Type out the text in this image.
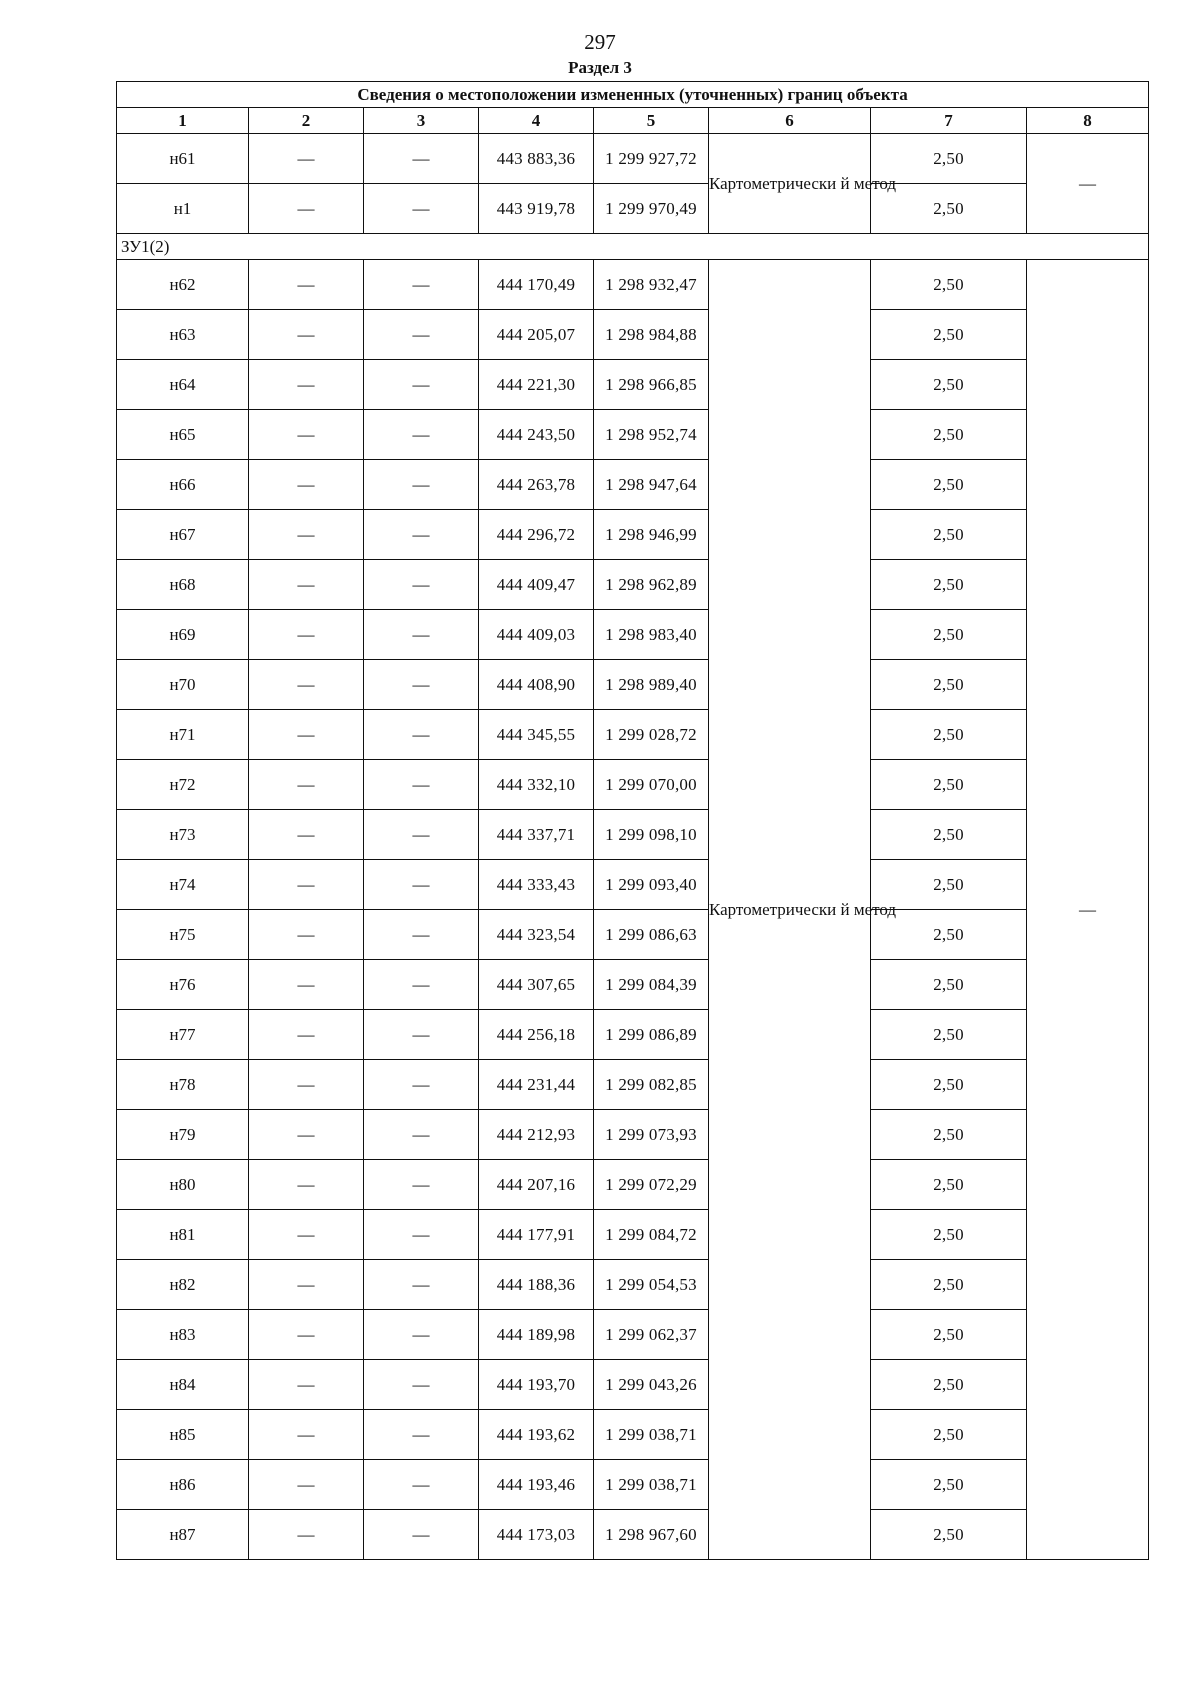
297
Раздел 3
Сведения о местоположении измененных (уточненных) границ объекта							
1	2	3	4	5	6	7	8
н61	—	—	443 883,36	1 299 927,72	Картометрически й метод	2,50	—
н1	—	—	443 919,78	1 299 970,49		2,50	
ЗУ1(2)							
н62	—	—	444 170,49	1 298 932,47	Картометрически й метод	2,50	—
н63	—	—	444 205,07	1 298 984,88		2,50	
н64	—	—	444 221,30	1 298 966,85		2,50	
н65	—	—	444 243,50	1 298 952,74		2,50	
н66	—	—	444 263,78	1 298 947,64		2,50	
н67	—	—	444 296,72	1 298 946,99		2,50	
н68	—	—	444 409,47	1 298 962,89		2,50	
н69	—	—	444 409,03	1 298 983,40		2,50	
н70	—	—	444 408,90	1 298 989,40		2,50	
н71	—	—	444 345,55	1 299 028,72		2,50	
н72	—	—	444 332,10	1 299 070,00		2,50	
н73	—	—	444 337,71	1 299 098,10		2,50	
н74	—	—	444 333,43	1 299 093,40		2,50	
н75	—	—	444 323,54	1 299 086,63		2,50	
н76	—	—	444 307,65	1 299 084,39		2,50	
н77	—	—	444 256,18	1 299 086,89		2,50	
н78	—	—	444 231,44	1 299 082,85		2,50	
н79	—	—	444 212,93	1 299 073,93		2,50	
н80	—	—	444 207,16	1 299 072,29		2,50	
н81	—	—	444 177,91	1 299 084,72		2,50	
н82	—	—	444 188,36	1 299 054,53		2,50	
н83	—	—	444 189,98	1 299 062,37		2,50	
н84	—	—	444 193,70	1 299 043,26		2,50	
н85	—	—	444 193,62	1 299 038,71		2,50	
н86	—	—	444 193,46	1 299 038,71		2,50	
н87	—	—	444 173,03	1 298 967,60		2,50	
